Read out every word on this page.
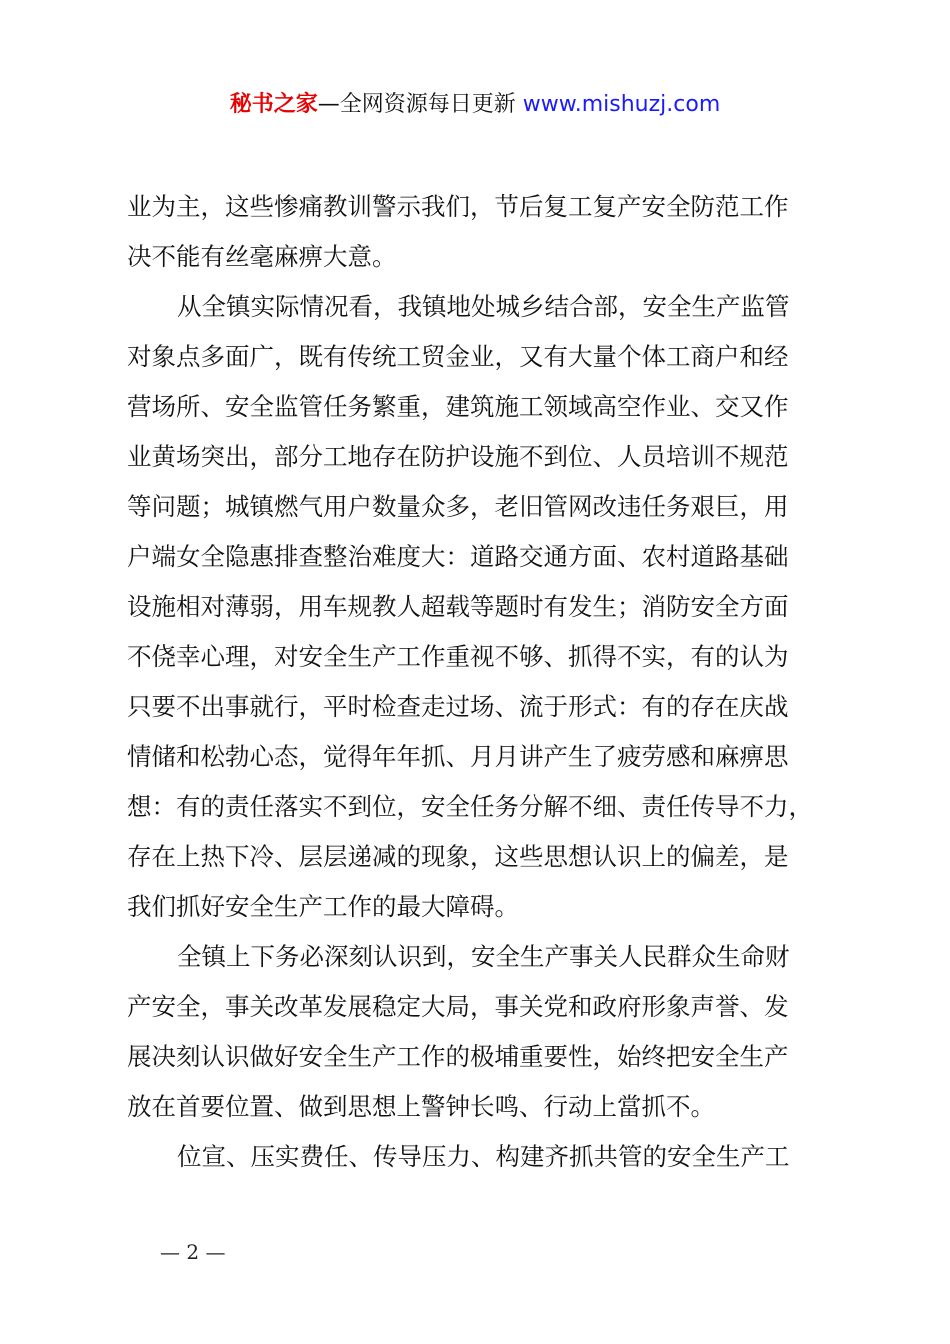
秘书之家—全网资源每日更新 www.mishuzj.com
业为主，这些惨痛教训警示我们，节后复工复产安全防范工作
决不能有丝毫麻痹大意。
从全镇实际情况看，我镇地处城乡结合部，安全生产监管
对象点多面广，既有传统工贸金业，又有大量个体工商户和经
营场所、安全监管任务繁重，建筑施工领域高空作业、交又作
业黄场突出，部分工地存在防护设施不到位、人员培训不规范
等问题；城镇燃气用户数量众多，老旧管网改违任务艰巨，用
户端女全隐惠排查整治难度大：道路交通方面、农村道路基础
设施相对薄弱，用车规教人超载等题时有发生；消防安全方面
不侥幸心理，对安全生产工作重视不够、抓得不实，有的认为
只要不出事就行，平时检查走过场、流于形式：有的存在庆战
情储和松勃心态，觉得年年抓、月月讲产生了疲劳感和麻痹思
想：有的责任落实不到位，安全任务分解不细、责任传导不力，
存在上热下冷、层层递减的现象，这些思想认识上的偏差，是
我们抓好安全生产工作的最大障碍。
全镇上下务必深刻认识到，安全生产事关人民群众生命财
产安全，事关改革发展稳定大局，事关党和政府形象声誉、发
展决刻认识做好安全生产工作的极埔重要性，始终把安全生产
放在首要位置、做到思想上警钟长鸣、行动上當抓不。
位宣、压实费任、传导压力、构建齐抓共管的安全生产工
— 2 —
